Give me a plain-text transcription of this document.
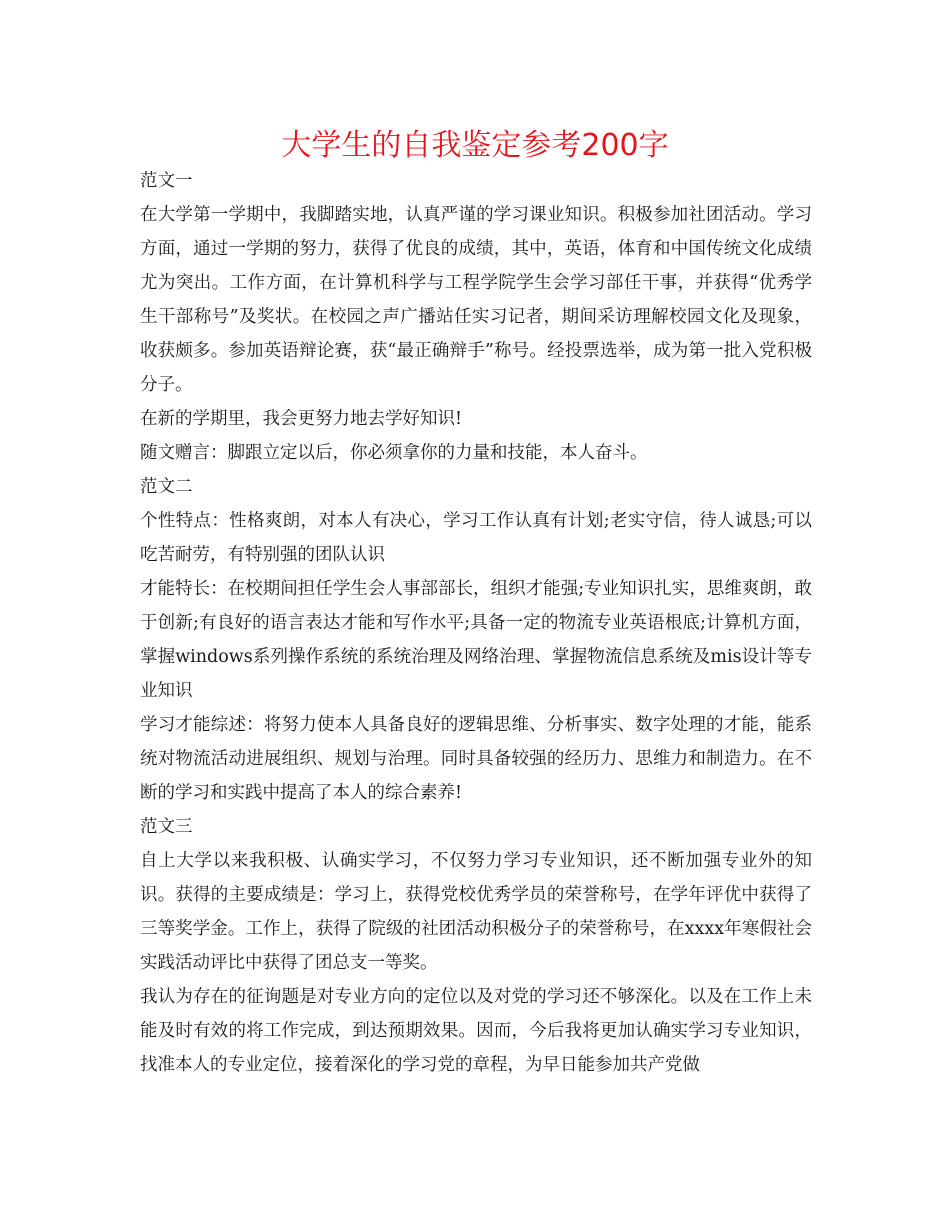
大学生的自我鉴定参考200字

范文一

在大学第一学期中，我脚踏实地，认真严谨的学习课业知识。积极参加社团活动。学习方面，通过一学期的努力，获得了优良的成绩，其中，英语，体育和中国传统文化成绩尤为突出。工作方面，在计算机科学与工程学院学生会学习部任干事，并获得“优秀学生干部称号”及奖状。在校园之声广播站任实习记者，期间采访理解校园文化及现象，收获颇多。参加英语辩论赛，获“最正确辩手”称号。经投票选举，成为第一批入党积极分子。

在新的学期里，我会更努力地去学好知识!

随文赠言：脚跟立定以后，你必须拿你的力量和技能，本人奋斗。

范文二

个性特点：性格爽朗，对本人有决心，学习工作认真有计划;老实守信，待人诚恳;可以吃苦耐劳，有特别强的团队认识

才能特长：在校期间担任学生会人事部部长，组织才能强;专业知识扎实，思维爽朗，敢于创新;有良好的语言表达才能和写作水平;具备一定的物流专业英语根底;计算机方面，掌握windows系列操作系统的系统治理及网络治理、掌握物流信息系统及mis设计等专业知识

学习才能综述：将努力使本人具备良好的逻辑思维、分析事实、数字处理的才能，能系统对物流活动进展组织、规划与治理。同时具备较强的经历力、思维力和制造力。在不断的学习和实践中提高了本人的综合素养!

范文三

自上大学以来我积极、认确实学习，不仅努力学习专业知识，还不断加强专业外的知识。获得的主要成绩是：学习上，获得党校优秀学员的荣誉称号，在学年评优中获得了三等奖学金。工作上，获得了院级的社团活动积极分子的荣誉称号，在xxxx年寒假社会实践活动评比中获得了团总支一等奖。

我认为存在的征询题是对专业方向的定位以及对党的学习还不够深化。以及在工作上未能及时有效的将工作完成，到达预期效果。因而，今后我将更加认确实学习专业知识，找准本人的专业定位，接着深化的学习党的章程，为早日能参加共产党做
